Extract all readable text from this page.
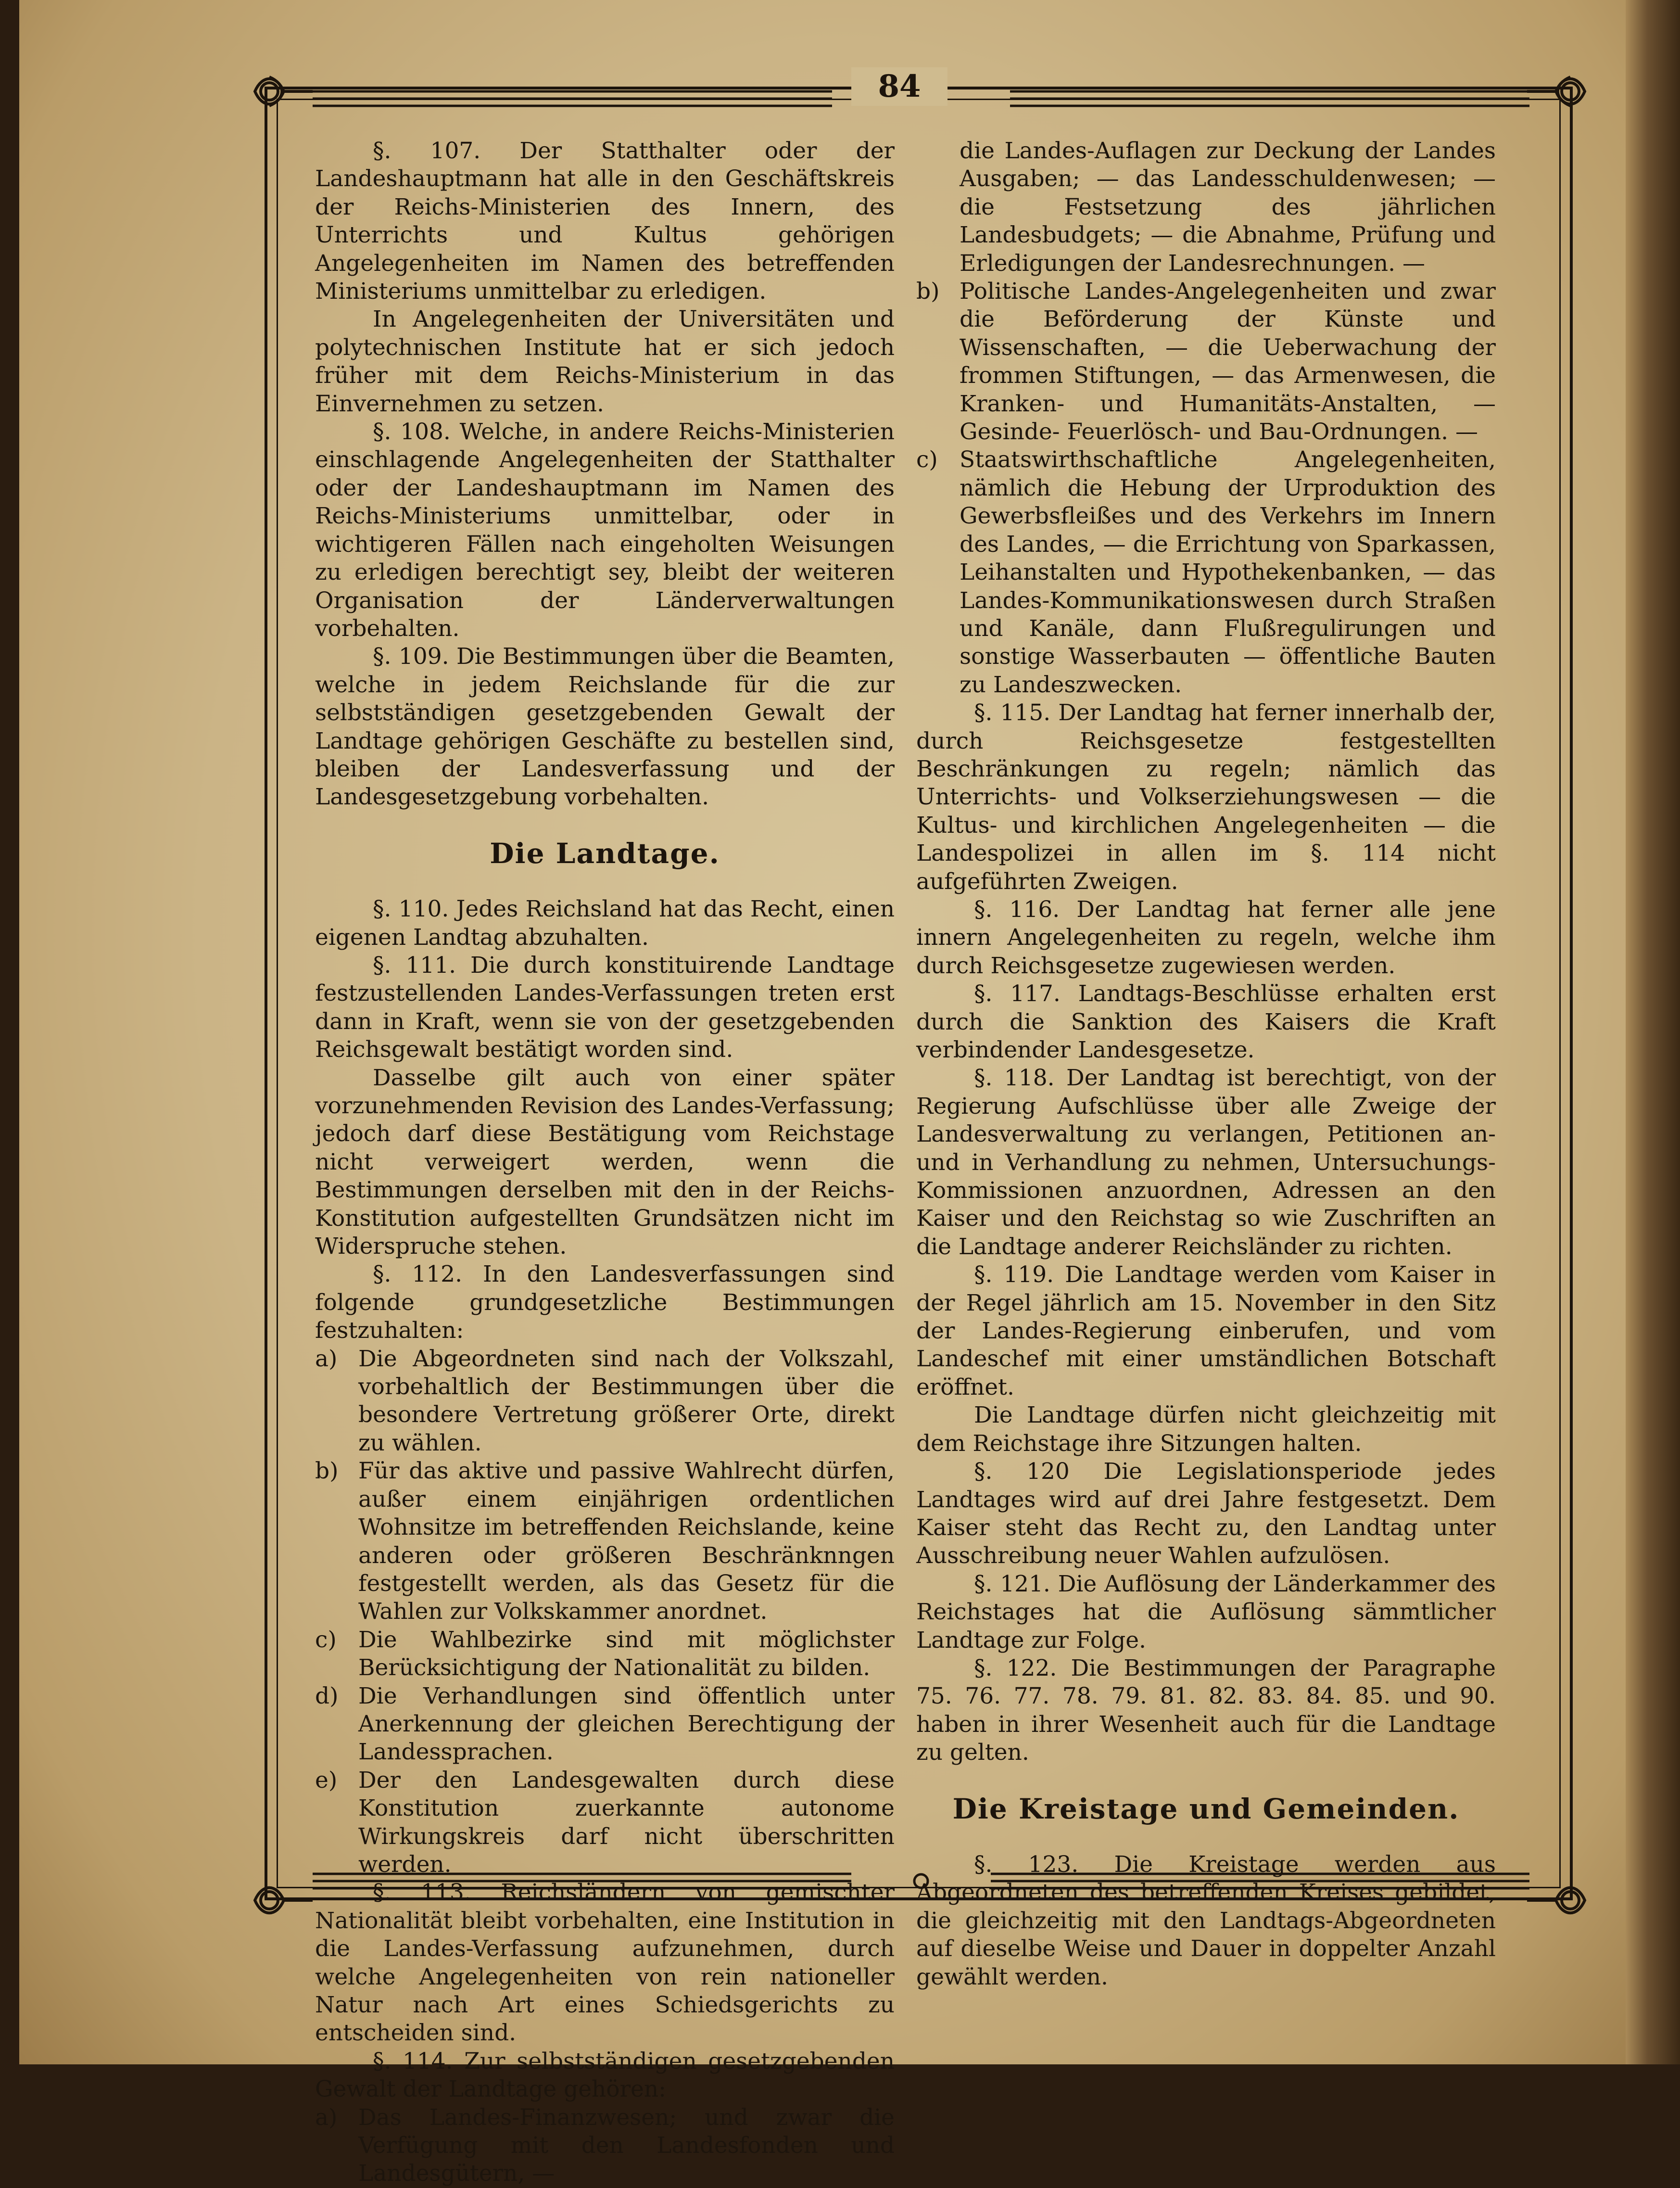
84

§. 107. Der Statthalter oder der Landeshauptmann hat alle in den Geschäftskreis der Reichs-Ministerien des Innern, des Unterrichts und Kultus gehörigen Angelegenheiten im Namen des betreffenden Ministeriums unmittelbar zu erledigen.

In Angelegenheiten der Universitäten und polytechnischen Institute hat er sich jedoch früher mit dem Reichs-Ministerium in das Einvernehmen zu setzen.

§. 108. Welche, in andere Reichs-Ministerien einschlagende Angelegenheiten der Statthalter oder der Landeshauptmann im Namen des Reichs-Ministeriums unmittelbar, oder in wichtigeren Fällen nach eingeholten Weisungen zu erledigen berechtigt sey, bleibt der weiteren Organisation der Länderverwaltungen vorbehalten.

§. 109. Die Bestimmungen über die Beamten, welche in jedem Reichslande für die zur selbstständigen gesetzgebenden Gewalt der Landtage gehörigen Geschäfte zu bestellen sind, bleiben der Landesverfassung und der Landesgesetzgebung vorbehalten.

Die Landtage.

§. 110. Jedes Reichsland hat das Recht, einen eigenen Landtag abzuhalten.

§. 111. Die durch konstituirende Landtage festzustellenden Landes-Verfassungen treten erst dann in Kraft, wenn sie von der gesetzgebenden Reichsgewalt bestätigt worden sind.

Dasselbe gilt auch von einer später vorzunehmenden Revision des Landes-Verfassung; jedoch darf diese Bestätigung vom Reichstage nicht verweigert werden, wenn die Bestimmungen derselben mit den in der Reichs-Konstitution aufgestellten Grundsätzen nicht im Widerspruche stehen.

§. 112. In den Landesverfassungen sind folgende grundgesetzliche Bestimmungen festzuhalten:

a) Die Abgeordneten sind nach der Volkszahl, vorbehaltlich der Bestimmungen über die besondere Vertretung größerer Orte, direkt zu wählen.

b) Für das aktive und passive Wahlrecht dürfen, außer einem einjährigen ordentlichen Wohnsitze im betreffenden Reichslande, keine anderen oder größeren Beschränknngen festgestellt werden, als das Gesetz für die Wahlen zur Volkskammer anordnet.

c) Die Wahlbezirke sind mit möglichster Berücksichtigung der Nationalität zu bilden.

d) Die Verhandlungen sind öffentlich unter Anerkennung der gleichen Berechtigung der Landessprachen.

e) Der den Landesgewalten durch diese Konstitution zuerkannte autonome Wirkungskreis darf nicht überschritten werden.

§. 113. Reichsländern von gemischter Nationalität bleibt vorbehalten, eine Institution in die Landes-Verfassung aufzunehmen, durch welche Angelegenheiten von rein nationeller Natur nach Art eines Schiedsgerichts zu entscheiden sind.

§. 114. Zur selbstständigen gesetzgebenden Gewalt der Landtage gehören:

a) Das Landes-Finanzwesen; und zwar die Verfügung mit den Landesfonden und Landesgütern, —

die Landes-Auflagen zur Deckung der Landes Ausgaben; — das Landesschuldenwesen; — die Festsetzung des jährlichen Landesbudgets; — die Abnahme, Prüfung und Erledigungen der Landesrechnungen. —

b) Politische Landes-Angelegenheiten und zwar die Beförderung der Künste und Wissenschaften, — die Ueberwachung der frommen Stiftungen, — das Armenwesen, die Kranken- und Humanitäts-Anstalten, — Gesinde- Feuerlösch- und Bau-Ordnungen. —

c) Staatswirthschaftliche Angelegenheiten, nämlich die Hebung der Urproduktion des Gewerbsfleißes und des Verkehrs im Innern des Landes, — die Errichtung von Sparkassen, Leihanstalten und Hypothekenbanken, — das Landes-Kommunikationswesen durch Straßen und Kanäle, dann Flußregulirungen und sonstige Wasserbauten — öffentliche Bauten zu Landeszwecken.

§. 115. Der Landtag hat ferner innerhalb der, durch Reichsgesetze festgestellten Beschränkungen zu regeln; nämlich das Unterrichts- und Volkserziehungswesen — die Kultus- und kirchlichen Angelegenheiten — die Landespolizei in allen im §. 114 nicht aufgeführten Zweigen.

§. 116. Der Landtag hat ferner alle jene innern Angelegenheiten zu regeln, welche ihm durch Reichsgesetze zugewiesen werden.

§. 117. Landtags-Beschlüsse erhalten erst durch die Sanktion des Kaisers die Kraft verbindender Landesgesetze.

§. 118. Der Landtag ist berechtigt, von der Regierung Aufschlüsse über alle Zweige der Landesverwaltung zu verlangen, Petitionen an- und in Verhandlung zu nehmen, Untersuchungs-Kommissionen anzuordnen, Adressen an den Kaiser und den Reichstag so wie Zuschriften an die Landtage anderer Reichsländer zu richten.

§. 119. Die Landtage werden vom Kaiser in der Regel jährlich am 15. November in den Sitz der Landes-Regierung einberufen, und vom Landeschef mit einer umständlichen Botschaft eröffnet.

Die Landtage dürfen nicht gleichzeitig mit dem Reichstage ihre Sitzungen halten.

§. 120 Die Legislationsperiode jedes Landtages wird auf drei Jahre festgesetzt. Dem Kaiser steht das Recht zu, den Landtag unter Ausschreibung neuer Wahlen aufzulösen.

§. 121. Die Auflösung der Länderkammer des Reichstages hat die Auflösung sämmtlicher Landtage zur Folge.

§. 122. Die Bestimmungen der Paragraphe 75. 76. 77. 78. 79. 81. 82. 83. 84. 85. und 90. haben in ihrer Wesenheit auch für die Landtage zu gelten.

Die Kreistage und Gemeinden.

§. 123. Die Kreistage werden aus Abgeordneten des betreffenden Kreises gebildet, die gleichzeitig mit den Landtags-Abgeordneten auf dieselbe Weise und Dauer in doppelter Anzahl gewählt werden.
